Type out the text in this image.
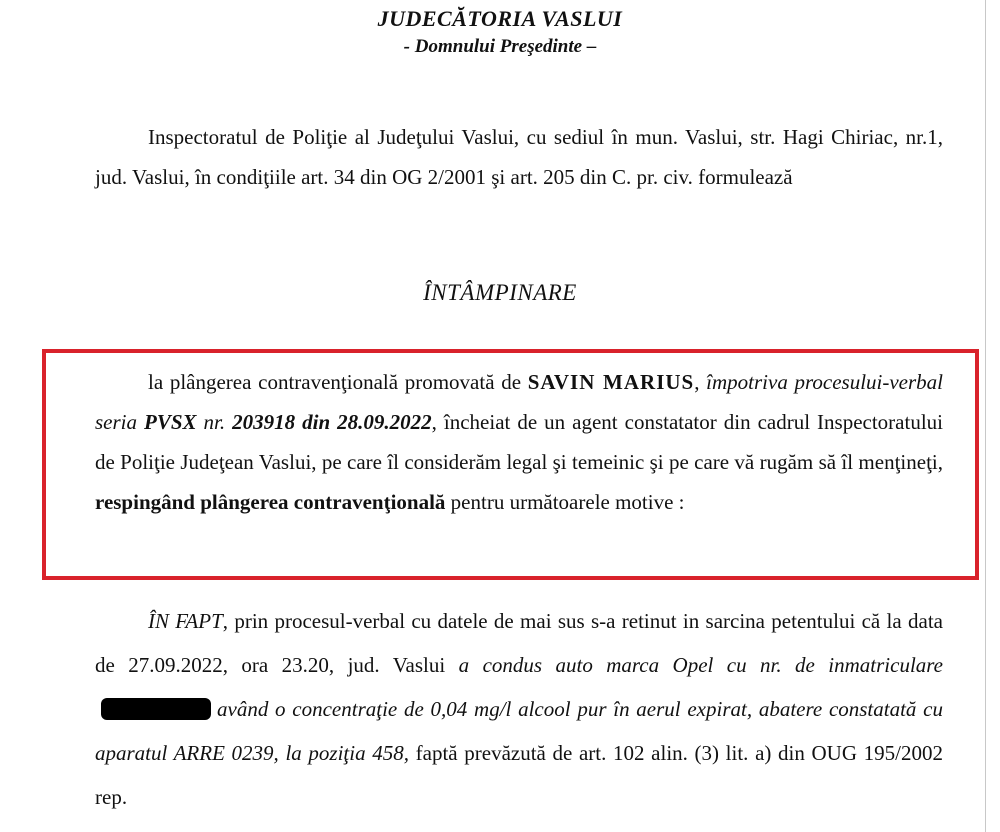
JUDECĂTORIA VASLUI
- Domnului Preşedinte –
Inspectoratul de Poliţie al Judeţului Vaslui, cu sediul în mun. Vaslui, str. Hagi Chiriac, nr.1, jud. Vaslui, în condiţiile art. 34 din OG 2/2001 şi art. 205 din C. pr. civ. formulează
ÎNTÂMPINARE
la plângerea contravenţională promovată de SAVIN MARIUS, împotriva procesului-verbal seria PVSX nr. 203918 din 28.09.2022, încheiat de un agent constatator din cadrul Inspectoratului de Poliţie Judeţean Vaslui, pe care îl considerăm legal şi temeinic şi pe care vă rugăm să îl menţineţi, respingând plângerea contravenţională pentru următoarele motive :
ÎN FAPT, prin procesul-verbal cu datele de mai sus s-a retinut in sarcina petentului că la data de 27.09.2022, ora 23.20, jud. Vaslui a condus auto marca Opel cu nr. de inmatriculareavând o concentraţie de 0,04 mg/l alcool pur în aerul expirat, abatere constatată cu aparatul ARRE 0239, la poziţia 458, faptă prevăzută de art. 102 alin. (3) lit. a) din OUG 195/2002 rep.
